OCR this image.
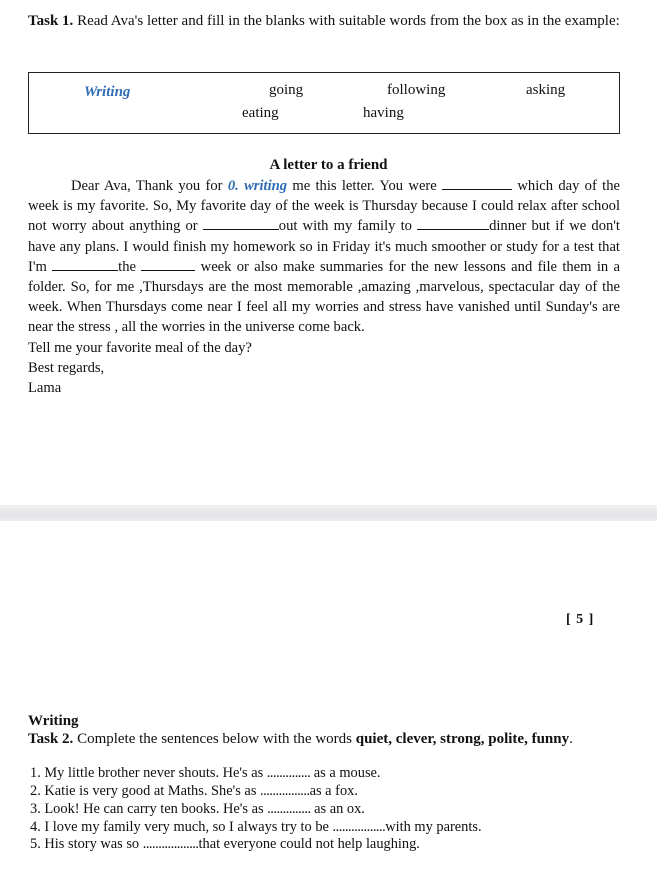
Task 1. Read Ava's letter and fill in the blanks with suitable words from the box as in the example:
Writing	going	following	asking
eating	having
A letter to a friend

Dear Ava, Thank you for 0. writing me this letter. You were	which day of the week is my favorite. So, My favorite day of the week is Thursday because I could relax after school not worry about anything or	out with my family to	dinner but if we don't have any plans. I would finish my homework so in Friday it's much smoother or study for a test that I'm	the	week or also make summaries for the new lessons and file them in a folder. So, for me ,Thursdays are the most memorable ,amazing ,marvelous, spectacular day of the week. When Thursdays come near I feel all my worries and stress have vanished until Sunday's are near the stress , all the worries in the universe come back.

Tell me your favorite meal of the day?

Best regards,

Lama

[ 5 ]
Writing
Task 2. Complete the sentences below with the words quiet, clever, strong, polite, funny.
1. My little brother never shouts. He's as .............. as a mouse.
2. Katie is very good at Maths. She's as ................as a fox.
3. Look! He can carry ten books. He's as .............. as an ox.
4. I love my family very much, so I always try to be .................with my parents.
5. His story was so ..................that everyone could not help laughing.
